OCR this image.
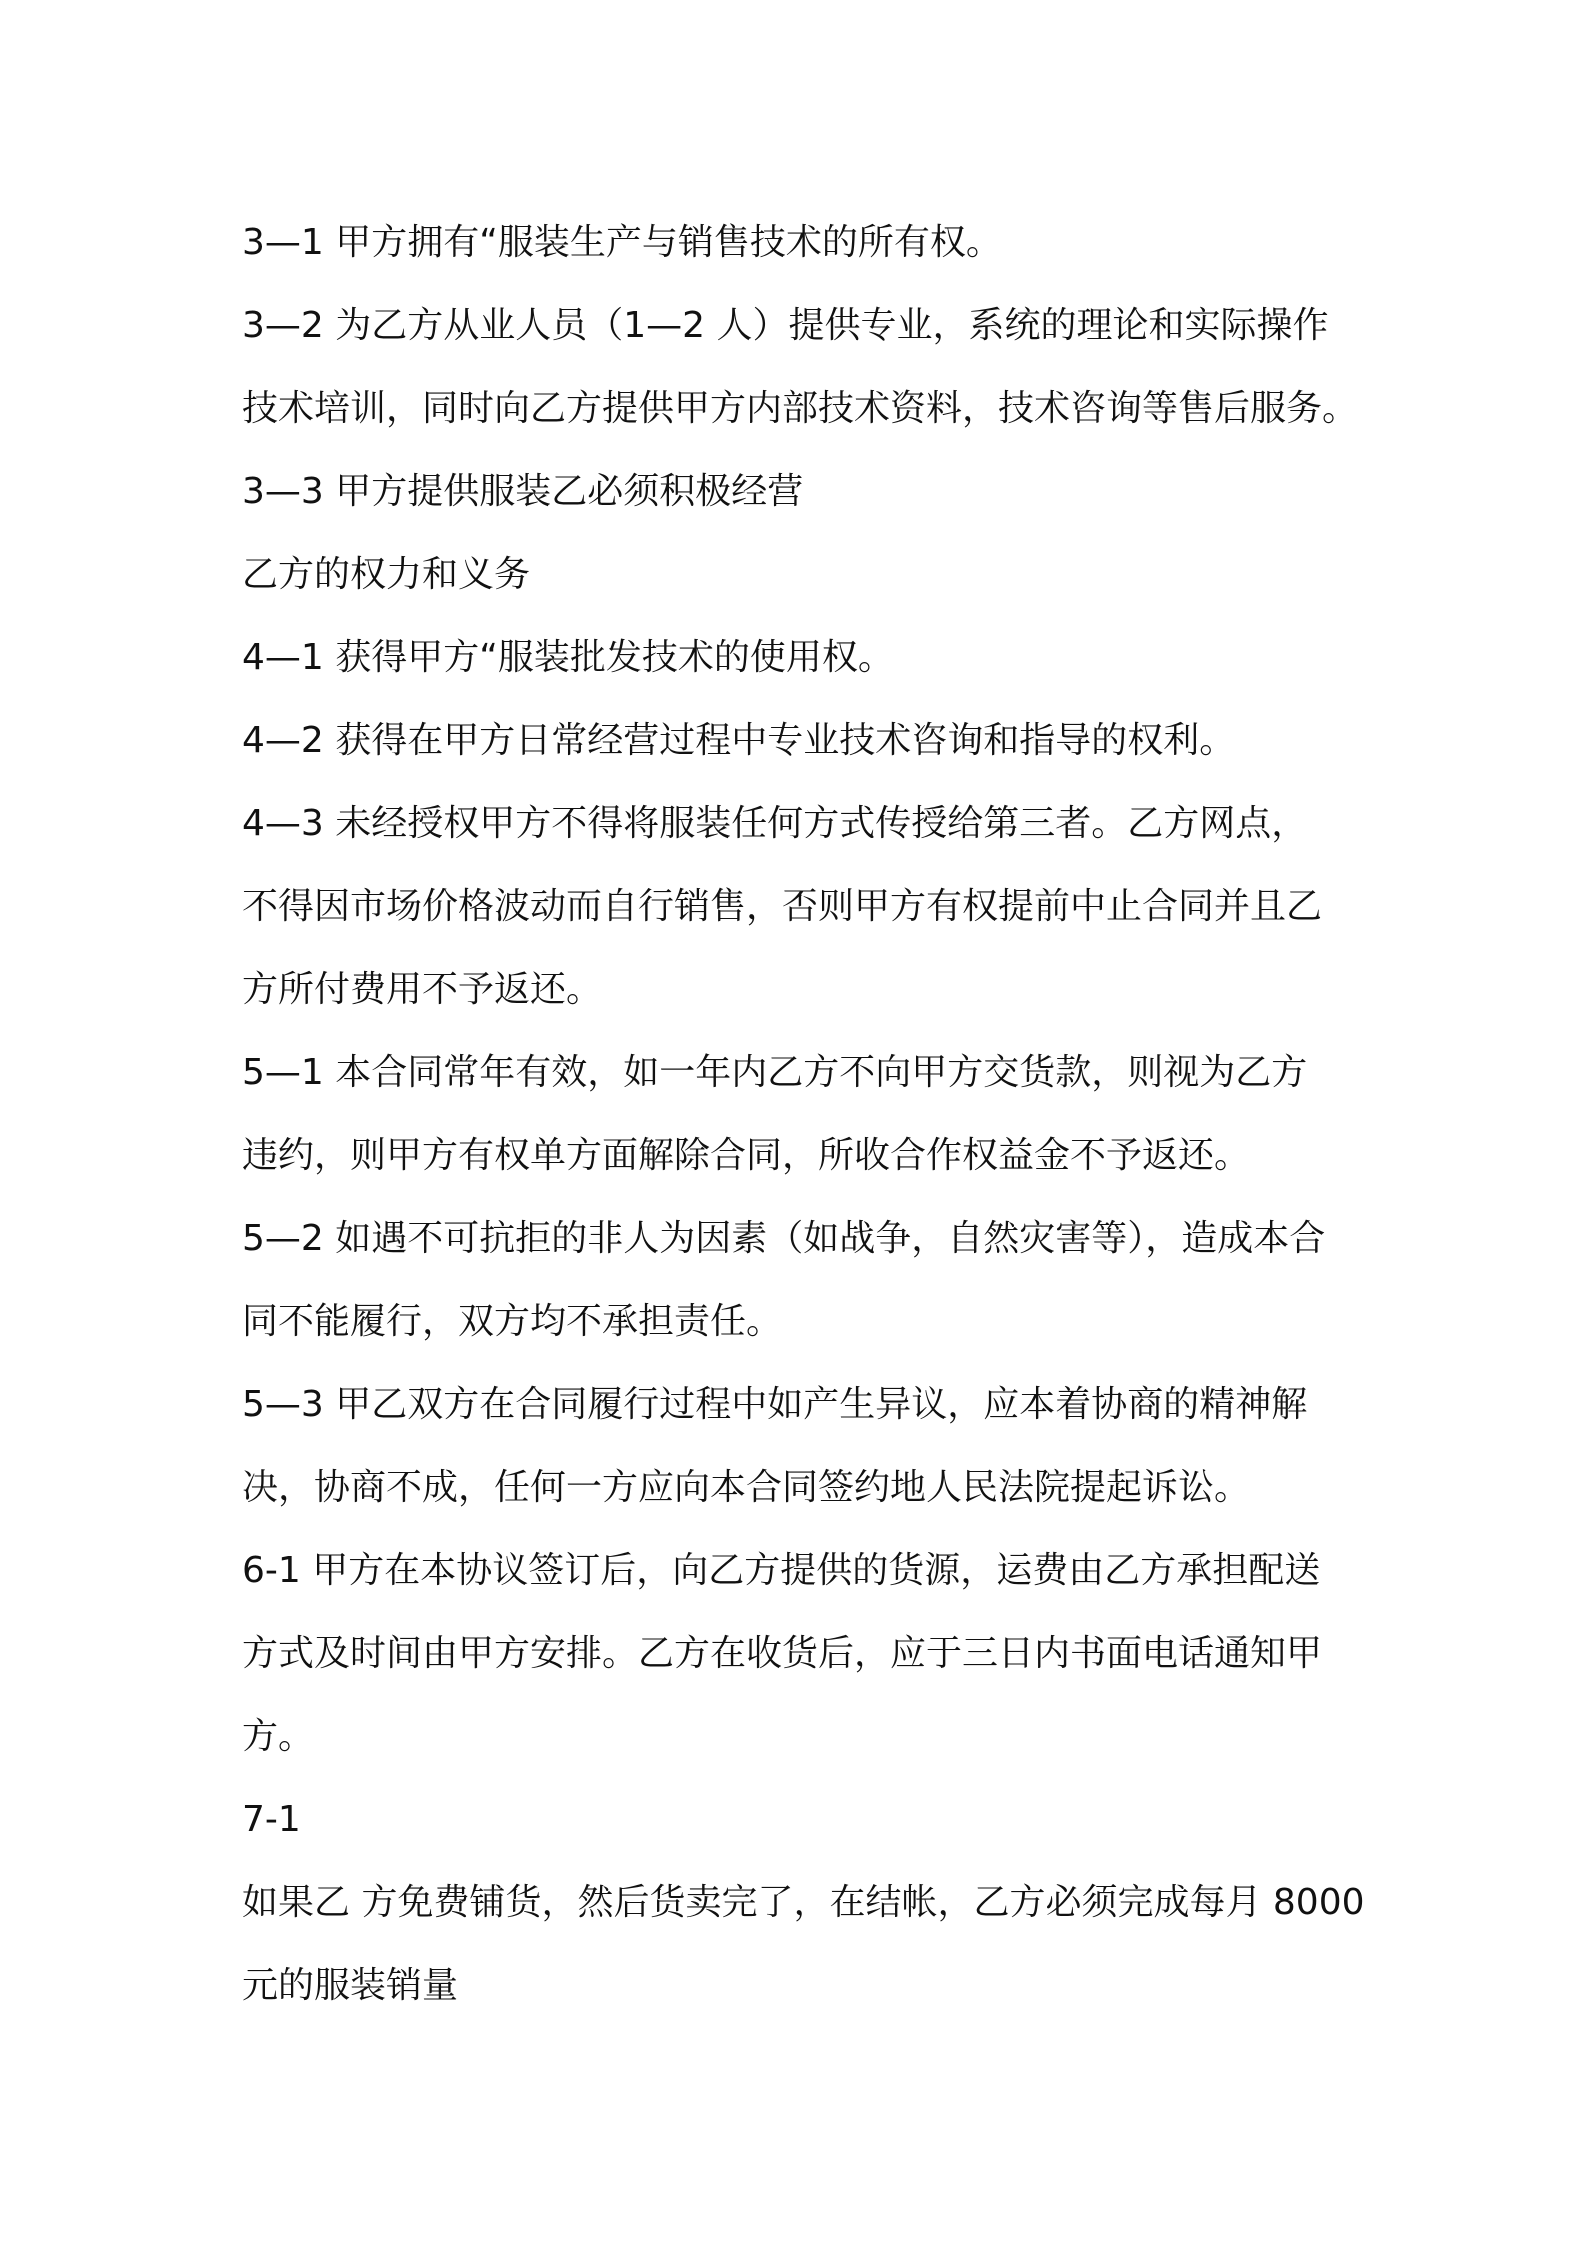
3—1 甲方拥有“服装生产与销售技术的所有权。
3—2 为乙方从业人员（1—2 人）提供专业，系统的理论和实际操作
技术培训，同时向乙方提供甲方内部技术资料，技术咨询等售后服务。
3—3 甲方提供服装乙必须积极经营
乙方的权力和义务
4—1 获得甲方“服装批发技术的使用权。
4—2 获得在甲方日常经营过程中专业技术咨询和指导的权利。
4—3 未经授权甲方不得将服装任何方式传授给第三者。乙方网点，
不得因市场价格波动而自行销售，否则甲方有权提前中止合同并且乙
方所付费用不予返还。
5—1 本合同常年有效，如一年内乙方不向甲方交货款，则视为乙方
违约，则甲方有权单方面解除合同，所收合作权益金不予返还。
5—2 如遇不可抗拒的非人为因素（如战争，自然灾害等），造成本合
同不能履行，双方均不承担责任。
5—3 甲乙双方在合同履行过程中如产生异议，应本着协商的精神解
决，协商不成，任何一方应向本合同签约地人民法院提起诉讼。
6-1 甲方在本协议签订后，向乙方提供的货源，运费由乙方承担配送
方式及时间由甲方安排。乙方在收货后，应于三日内书面电话通知甲
方。
7-1
如果乙 方免费铺货，然后货卖完了，在结帐，乙方必须完成每月 8000
元的服装销量
